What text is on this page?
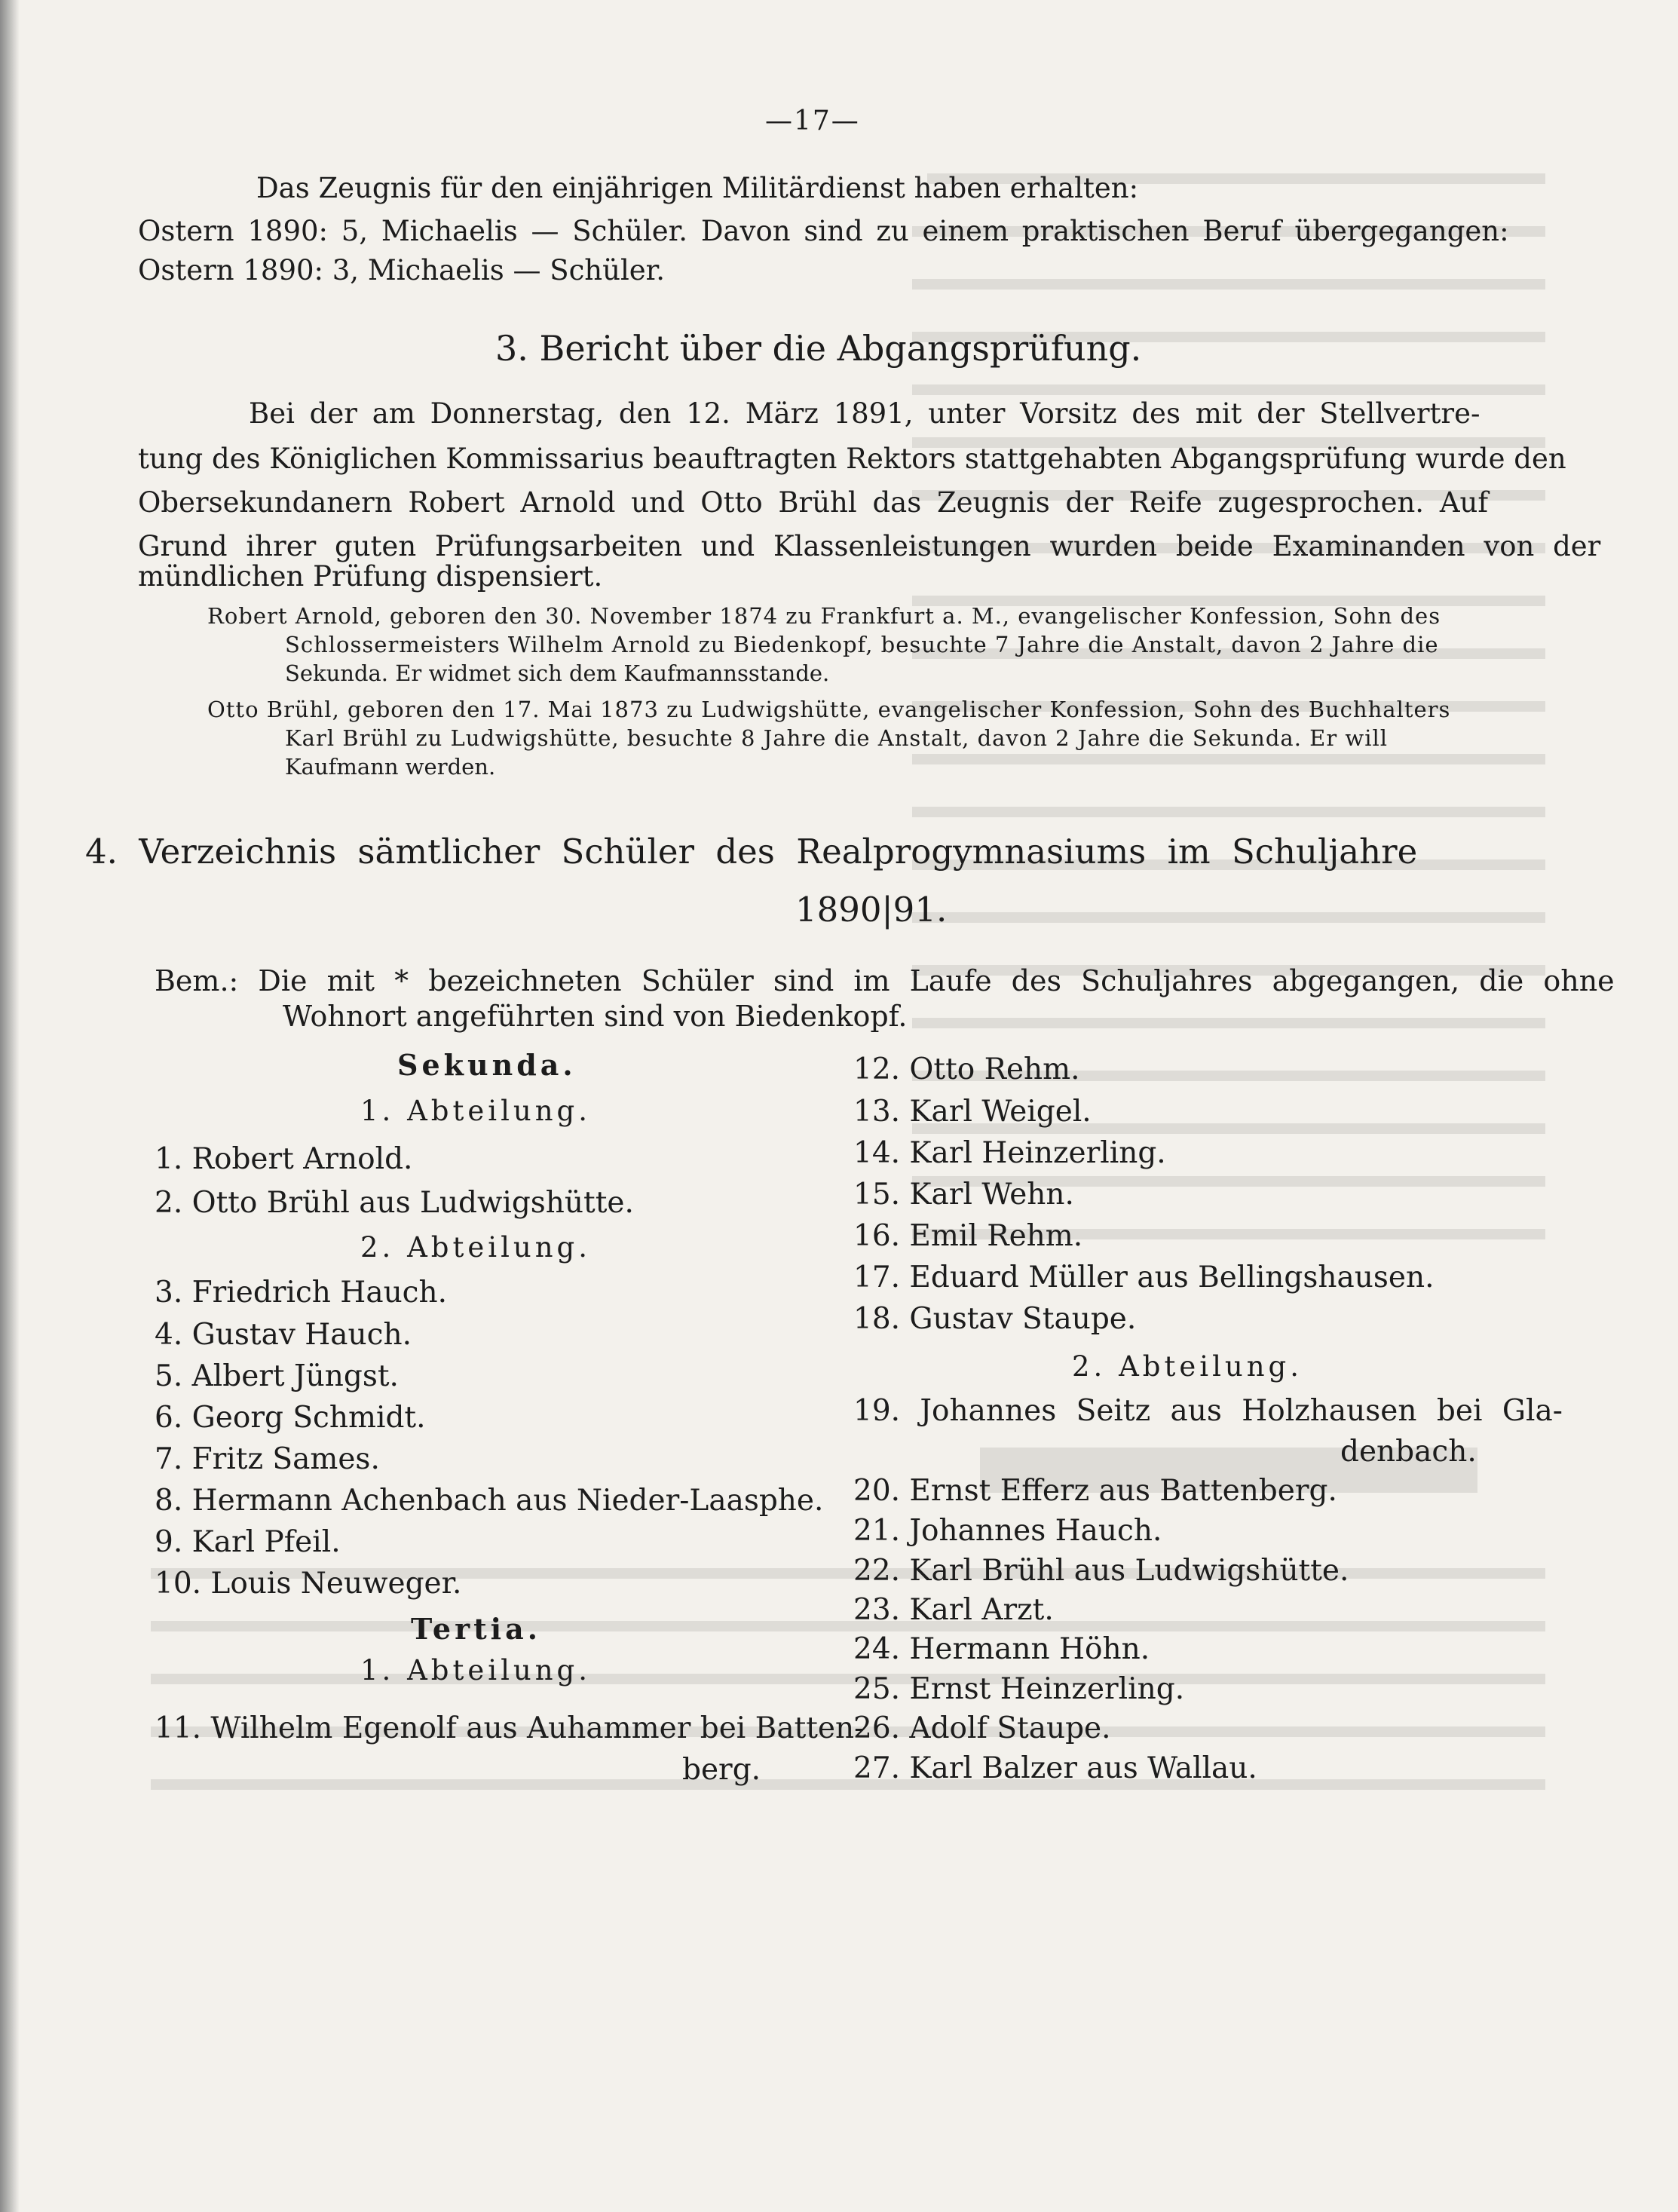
—17—
Das Zeugnis für den einjährigen Militärdienst haben erhalten:
Ostern 1890: 5, Michaelis — Schüler. Davon sind zu einem praktischen Beruf übergegangen:
Ostern 1890: 3, Michaelis — Schüler.
3. Bericht über die Abgangsprüfung.
Bei der am Donnerstag, den 12. März 1891, unter Vorsitz des mit der Stellvertre-
tung des Königlichen Kommissarius beauftragten Rektors stattgehabten Abgangsprüfung wurde den
Obersekundanern Robert Arnold und Otto Brühl das Zeugnis der Reife zugesprochen. Auf
Grund ihrer guten Prüfungsarbeiten und Klassenleistungen wurden beide Examinanden von der
mündlichen Prüfung dispensiert.
Robert Arnold, geboren den 30. November 1874 zu Frankfurt a. M., evangelischer Konfession, Sohn des
Schlossermeisters Wilhelm Arnold zu Biedenkopf, besuchte 7 Jahre die Anstalt, davon 2 Jahre die
Sekunda. Er widmet sich dem Kaufmannsstande.
Otto Brühl, geboren den 17. Mai 1873 zu Ludwigshütte, evangelischer Konfession, Sohn des Buchhalters
Karl Brühl zu Ludwigshütte, besuchte 8 Jahre die Anstalt, davon 2 Jahre die Sekunda. Er will
Kaufmann werden.
4. Verzeichnis sämtlicher Schüler des Realprogymnasiums im Schuljahre
1890|91.
Bem.: Die mit * bezeichneten Schüler sind im Laufe des Schuljahres abgegangen, die ohne
Wohnort angeführten sind von Biedenkopf.
Sekunda.
1. Abteilung.
1. Robert Arnold.
2. Otto Brühl aus Ludwigshütte.
2. Abteilung.
3. Friedrich Hauch.
4. Gustav Hauch.
5. Albert Jüngst.
6. Georg Schmidt.
7. Fritz Sames.
8. Hermann Achenbach aus Nieder-Laasphe.
9. Karl Pfeil.
10. Louis Neuweger.
Tertia.
1. Abteilung.
11. Wilhelm Egenolf aus Auhammer bei Batten-
berg.
12. Otto Rehm.
13. Karl Weigel.
14. Karl Heinzerling.
15. Karl Wehn.
16. Emil Rehm.
17. Eduard Müller aus Bellingshausen.
18. Gustav Staupe.
2. Abteilung.
19. Johannes Seitz aus Holzhausen bei Gla-
denbach.
20. Ernst Efferz aus Battenberg.
21. Johannes Hauch.
22. Karl Brühl aus Ludwigshütte.
23. Karl Arzt.
24. Hermann Höhn.
25. Ernst Heinzerling.
26. Adolf Staupe.
27. Karl Balzer aus Wallau.
